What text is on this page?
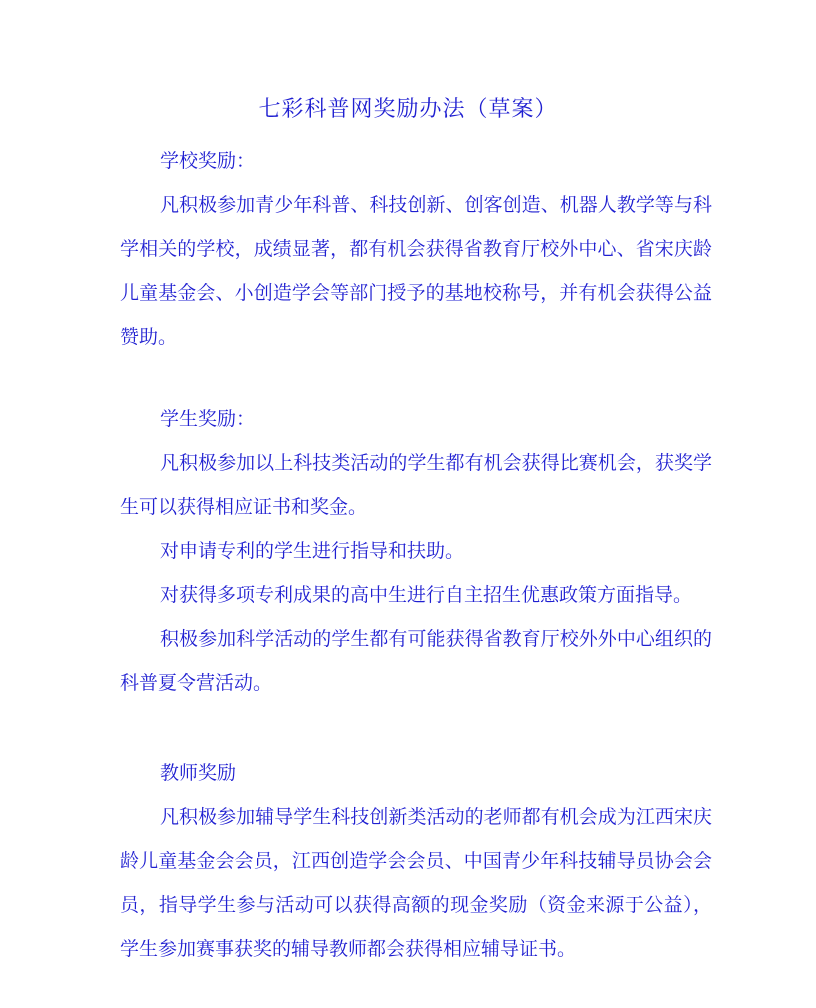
七彩科普网奖励办法（草案）
学校奖励：
凡积极参加青少年科普、科技创新、创客创造、机器人教学等与科学相关的学校，成绩显著，都有机会获得省教育厅校外中心、省宋庆龄儿童基金会、小创造学会等部门授予的基地校称号，并有机会获得公益赞助。
学生奖励：
凡积极参加以上科技类活动的学生都有机会获得比赛机会，获奖学生可以获得相应证书和奖金。
对申请专利的学生进行指导和扶助。
对获得多项专利成果的高中生进行自主招生优惠政策方面指导。
积极参加科学活动的学生都有可能获得省教育厅校外外中心组织的科普夏令营活动。
教师奖励
凡积极参加辅导学生科技创新类活动的老师都有机会成为江西宋庆龄儿童基金会会员，江西创造学会会员、中国青少年科技辅导员协会会员，指导学生参与活动可以获得高额的现金奖励（资金来源于公益），学生参加赛事获奖的辅导教师都会获得相应辅导证书。
